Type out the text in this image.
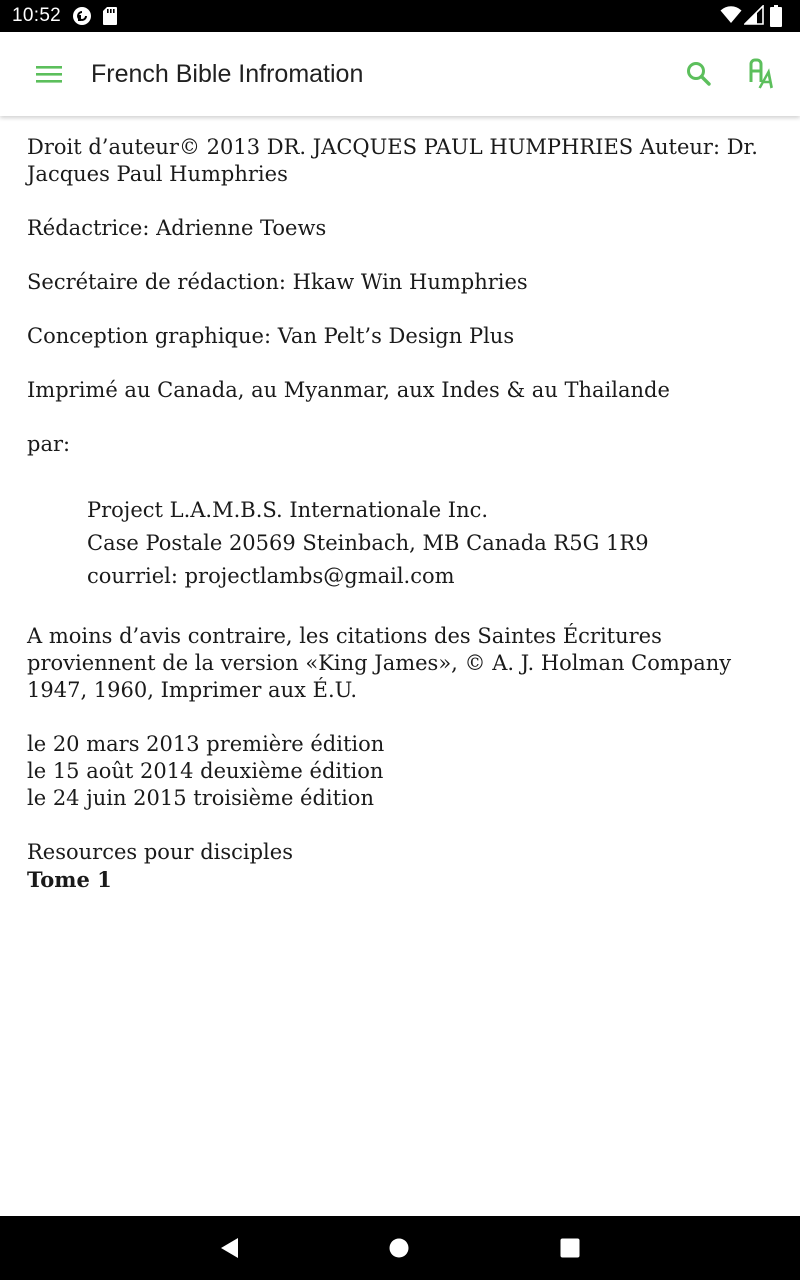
10:52
French Bible Infromation

Droit d’auteur© 2013 DR. JACQUES PAUL HUMPHRIES Auteur: Dr. Jacques Paul Humphries

Rédactrice: Adrienne Toews

Secrétaire de rédaction: Hkaw Win Humphries

Conception graphique: Van Pelt’s Design Plus

Imprimé au Canada, au Myanmar, aux Indes & au Thailande

par:

Project L.A.M.B.S. Internationale Inc.
Case Postale 20569 Steinbach, MB Canada R5G 1R9
courriel: projectlambs@gmail.com

A moins d’avis contraire, les citations des Saintes Écritures proviennent de la version «King James», © A. J. Holman Company 1947, 1960, Imprimer aux É.U.

le 20 mars 2013 première édition
le 15 août 2014 deuxième édition
le 24 juin 2015 troisième édition
Resources pour disciples
Tome 1
